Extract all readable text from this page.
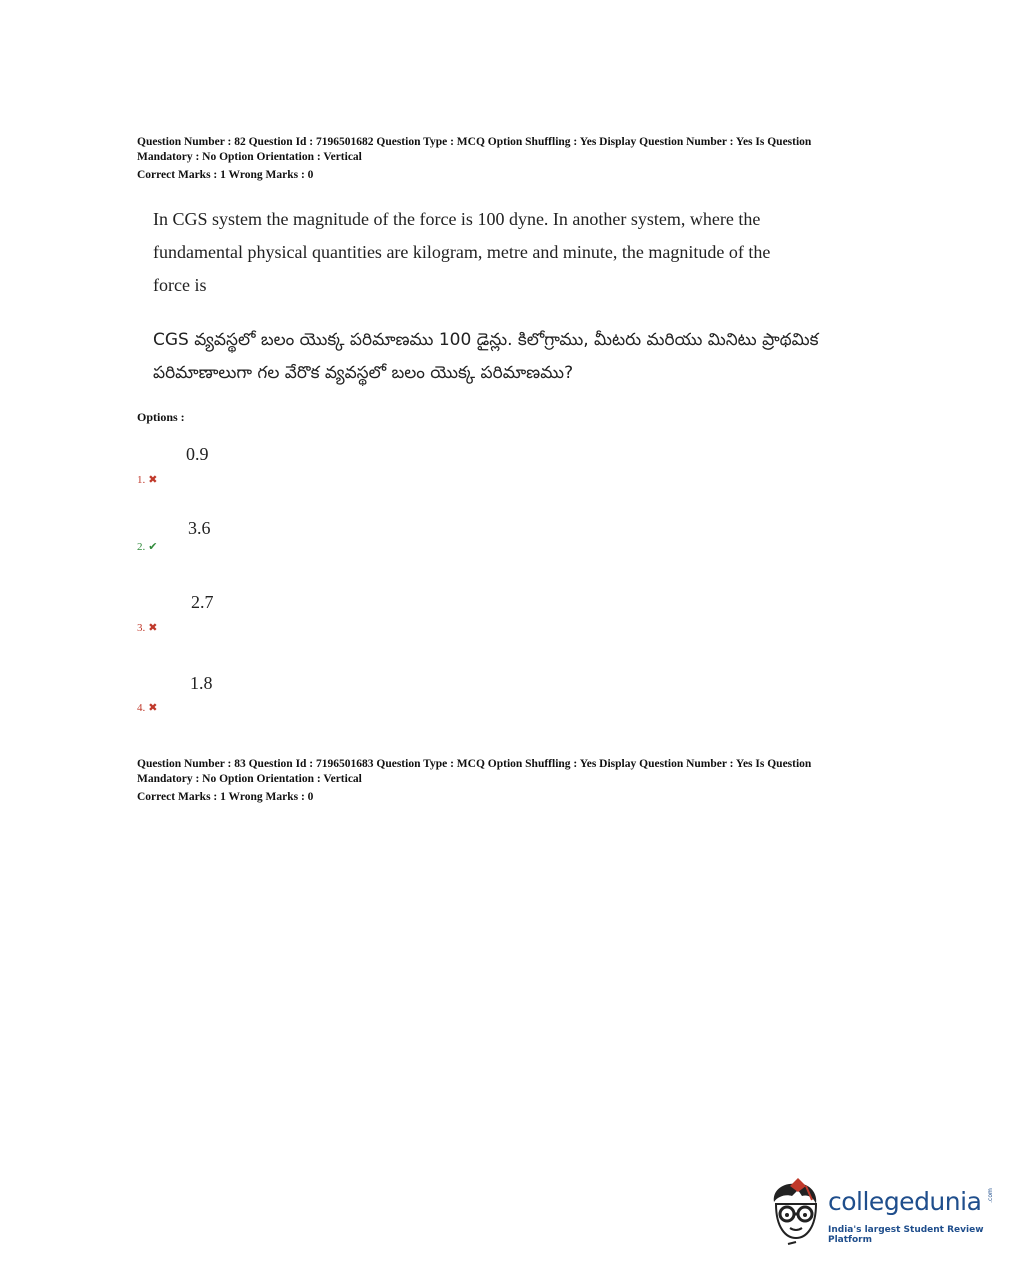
Question Number : 82 Question Id : 7196501682 Question Type : MCQ Option Shuffling : Yes Display Question Number : Yes Is Question
Mandatory : No Option Orientation : Vertical
Correct Marks : 1 Wrong Marks : 0
In CGS system the magnitude of the force is 100 dyne. In another system, where the
fundamental physical quantities are kilogram, metre and minute, the magnitude of the
force is
CGS వ్యవస్థలో బలం యొక్క పరిమాణము 100 డైన్లు. కిలోగ్రాము, మీటరు మరియు మినిటు ప్రాథమిక
పరిమాణాలుగా గల వేరొక వ్యవస్థలో బలం యొక్క పరిమాణము?
Options :
0.9
1. ✖
3.6
2. ✔
2.7
3. ✖
1.8
4. ✖
Question Number : 83 Question Id : 7196501683 Question Type : MCQ Option Shuffling : Yes Display Question Number : Yes Is Question
Mandatory : No Option Orientation : Vertical
Correct Marks : 1 Wrong Marks : 0
collegedunia .com
India's largest Student Review Platform
